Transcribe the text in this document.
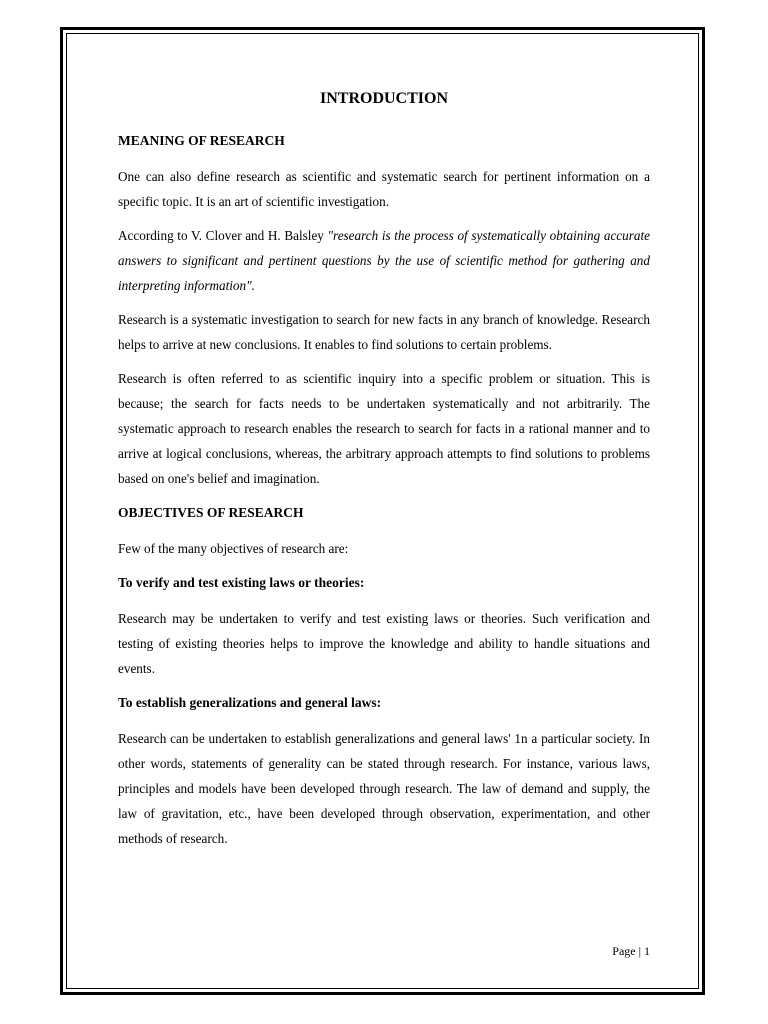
INTRODUCTION
MEANING OF RESEARCH

One can also define research as scientific and systematic search for pertinent information on a specific topic. It is an art of scientific investigation.

According to V. Clover and H. Balsley "research is the process of systematically obtaining accurate answers to significant and pertinent questions by the use of scientific method for gathering and interpreting information".

Research is a systematic investigation to search for new facts in any branch of knowledge. Research helps to arrive at new conclusions. It enables to find solutions to certain problems.

Research is often referred to as scientific inquiry into a specific problem or situation. This is because; the search for facts needs to be undertaken systematically and not arbitrarily. The systematic approach to research enables the research to search for facts in a rational manner and to arrive at logical conclusions, whereas, the arbitrary approach attempts to find solutions to problems based on one's belief and imagination.

OBJECTIVES OF RESEARCH

Few of the many objectives of research are:

To verify and test existing laws or theories:

Research may be undertaken to verify and test existing laws or theories. Such verification and testing of existing theories helps to improve the knowledge and ability to handle situations and events.

To establish generalizations and general laws:

Research can be undertaken to establish generalizations and general laws' 1n a particular society. In other words, statements of generality can be stated through research. For instance, various laws, principles and models have been developed through research. The law of demand and supply, the law of gravitation, etc., have been developed through observation, experimentation, and other methods of research.

Page | 1
